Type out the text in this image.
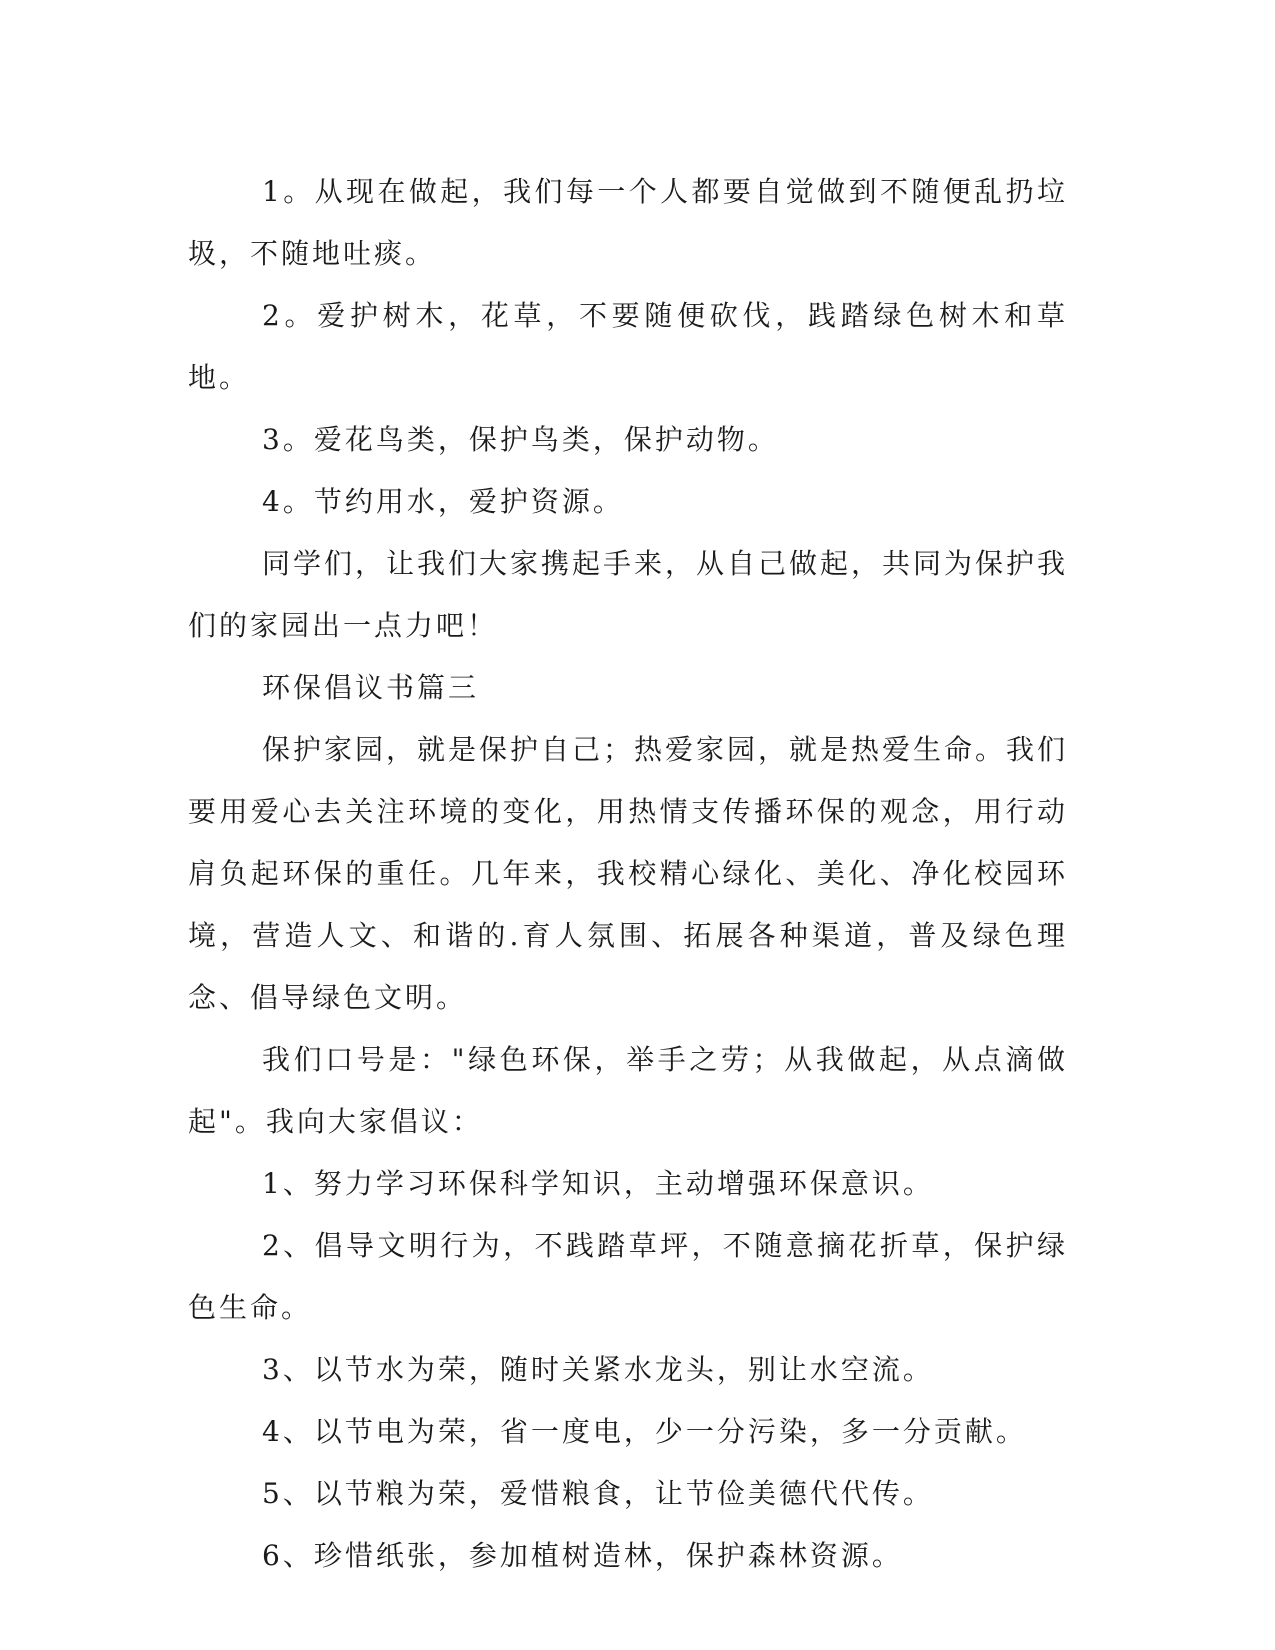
1。从现在做起，我们每一个人都要自觉做到不随便乱扔垃圾，不随地吐痰。

2。爱护树木，花草，不要随便砍伐，践踏绿色树木和草地。

3。爱花鸟类，保护鸟类，保护动物。

4。节约用水，爱护资源。

同学们，让我们大家携起手来，从自己做起，共同为保护我们的家园出一点力吧！

环保倡议书篇三

保护家园，就是保护自己；热爱家园，就是热爱生命。我们要用爱心去关注环境的变化，用热情支传播环保的观念，用行动肩负起环保的重任。几年来，我校精心绿化、美化、净化校园环境，营造人文、和谐的.育人氛围、拓展各种渠道，普及绿色理念、倡导绿色文明。

我们口号是："绿色环保，举手之劳；从我做起，从点滴做起"。我向大家倡议：

1、努力学习环保科学知识，主动增强环保意识。

2、倡导文明行为，不践踏草坪，不随意摘花折草，保护绿色生命。

3、以节水为荣，随时关紧水龙头，别让水空流。

4、以节电为荣，省一度电，少一分污染，多一分贡献。

5、以节粮为荣，爱惜粮食，让节俭美德代代传。

6、珍惜纸张，参加植树造林，保护森林资源。
